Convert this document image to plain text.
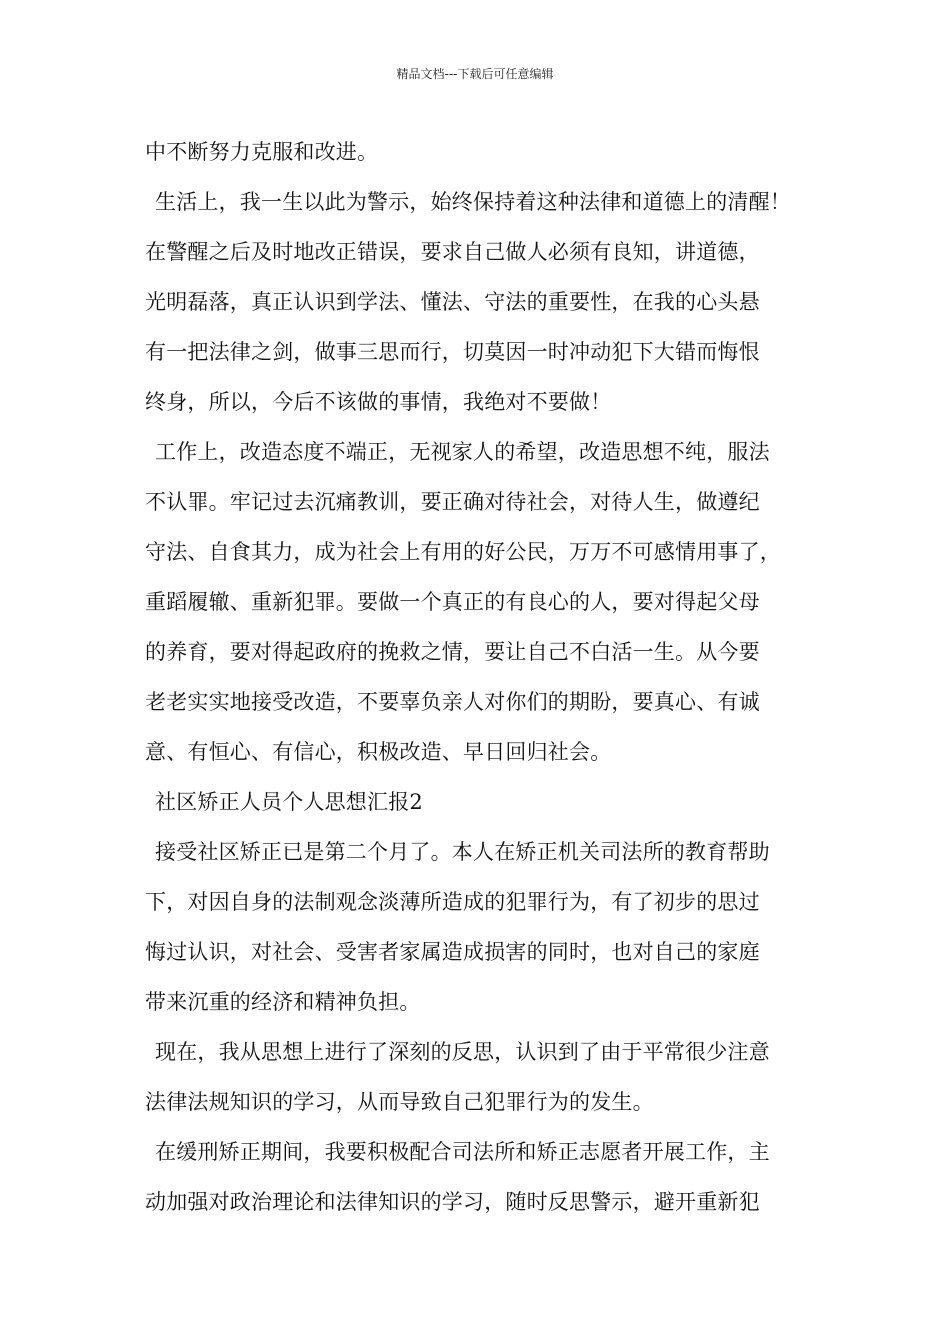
精品文档---下载后可任意编辑
中不断努力克服和改进。
生活上，我一生以此为警示，始终保持着这种法律和道德上的清醒！
在警醒之后及时地改正错误，要求自己做人必须有良知，讲道德，
光明磊落，真正认识到学法、懂法、守法的重要性，在我的心头悬
有一把法律之剑，做事三思而行，切莫因一时冲动犯下大错而悔恨
终身，所以，今后不该做的事情，我绝对不要做！
工作上，改造态度不端正，无视家人的希望，改造思想不纯，服法
不认罪。牢记过去沉痛教训，要正确对待社会，对待人生，做遵纪
守法、自食其力，成为社会上有用的好公民，万万不可感情用事了，
重蹈履辙、重新犯罪。要做一个真正的有良心的人，要对得起父母
的养育，要对得起政府的挽救之情，要让自己不白活一生。从今要
老老实实地接受改造，不要辜负亲人对你们的期盼，要真心、有诚
意、有恒心、有信心，积极改造、早日回归社会。
社区矫正人员个人思想汇报2
接受社区矫正已是第二个月了。本人在矫正机关司法所的教育帮助
下，对因自身的法制观念淡薄所造成的犯罪行为，有了初步的思过
悔过认识，对社会、受害者家属造成损害的同时，也对自己的家庭
带来沉重的经济和精神负担。
现在，我从思想上进行了深刻的反思，认识到了由于平常很少注意
法律法规知识的学习，从而导致自己犯罪行为的发生。
在缓刑矫正期间，我要积极配合司法所和矫正志愿者开展工作，主
动加强对政治理论和法律知识的学习，随时反思警示，避开重新犯
